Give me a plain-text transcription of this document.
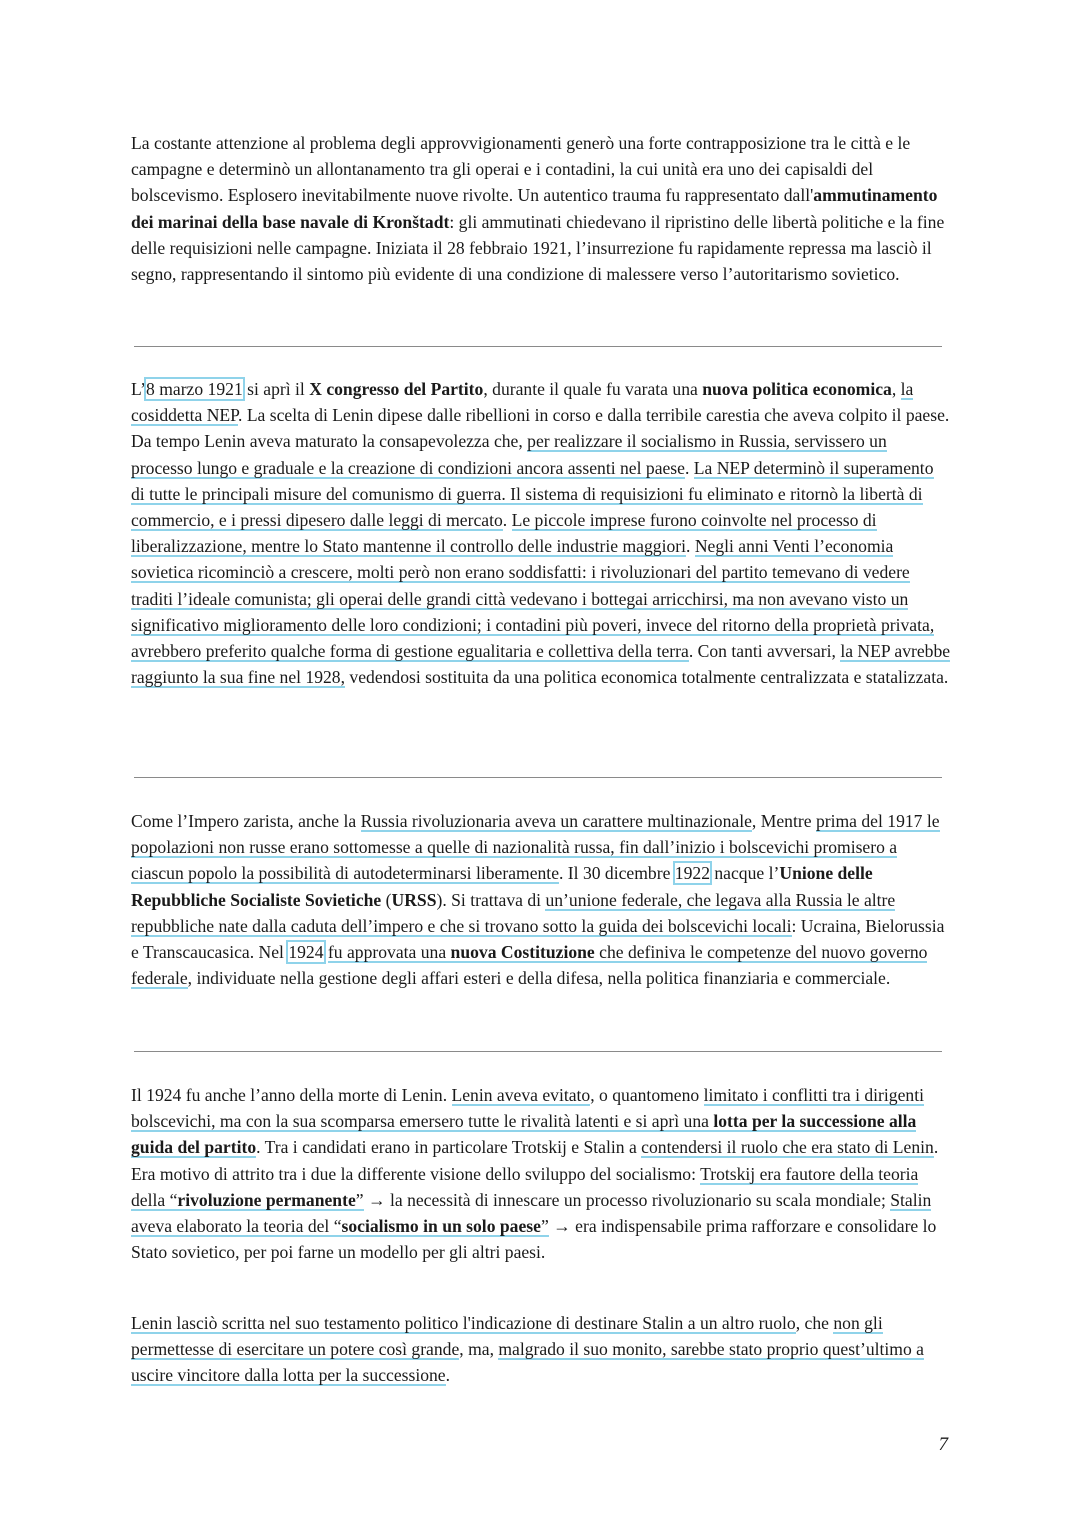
La costante attenzione al problema degli approvvigionamenti generò una forte contrapposizione tra le città e le campagne e determinò un allontanamento tra gli operai e i contadini, la cui unità era uno dei capisaldi del bolscevismo. Esplosero inevitabilmente nuove rivolte. Un autentico trauma fu rappresentato dall'ammutinamento dei marinai della base navale di Kronštadt: gli ammutinati chiedevano il ripristino delle libertà politiche e la fine delle requisizioni nelle campagne. Iniziata il 28 febbraio 1921, l’insurrezione fu rapidamente repressa ma lasciò il segno, rappresentando il sintomo più evidente di una condizione di malessere verso l’autoritarismo sovietico.

L’8 marzo 1921 si aprì il X congresso del Partito, durante il quale fu varata una nuova politica economica, la cosiddetta NEP. La scelta di Lenin dipese dalle ribellioni in corso e dalla terribile carestia che aveva colpito il paese. Da tempo Lenin aveva maturato la consapevolezza che, per realizzare il socialismo in Russia, servissero un processo lungo e graduale e la creazione di condizioni ancora assenti nel paese. La NEP determinò il superamento di tutte le principali misure del comunismo di guerra. Il sistema di requisizioni fu eliminato e ritornò la libertà di commercio, e i pressi dipesero dalle leggi di mercato. Le piccole imprese furono coinvolte nel processo di liberalizzazione, mentre lo Stato mantenne il controllo delle industrie maggiori. Negli anni Venti l’economia sovietica ricominciò a crescere, molti però non erano soddisfatti: i rivoluzionari del partito temevano di vedere traditi l’ideale comunista; gli operai delle grandi città vedevano i bottegai arricchirsi, ma non avevano visto un significativo miglioramento delle loro condizioni; i contadini più poveri, invece del ritorno della proprietà privata, avrebbero preferito qualche forma di gestione egualitaria e collettiva della terra. Con tanti avversari, la NEP avrebbe raggiunto la sua fine nel 1928, vedendosi sostituita da una politica economica totalmente centralizzata e statalizzata.

Come l’Impero zarista, anche la Russia rivoluzionaria aveva un carattere multinazionale, Mentre prima del 1917 le popolazioni non russe erano sottomesse a quelle di nazionalità russa, fin dall’inizio i bolscevichi promisero a ciascun popolo la possibilità di autodeterminarsi liberamente. Il 30 dicembre 1922 nacque l’Unione delle Repubbliche Socialiste Sovietiche (URSS). Si trattava di un’unione federale, che legava alla Russia le altre repubbliche nate dalla caduta dell’impero e che si trovano sotto la guida dei bolscevichi locali: Ucraina, Bielorussia e Transcaucasica. Nel 1924 fu approvata una nuova Costituzione che definiva le competenze del nuovo governo federale, individuate nella gestione degli affari esteri e della difesa, nella politica finanziaria e commerciale.

Il 1924 fu anche l’anno della morte di Lenin. Lenin aveva evitato, o quantomeno limitato i conflitti tra i dirigenti bolscevichi, ma con la sua scomparsa emersero tutte le rivalità latenti e si aprì una lotta per la successione alla guida del partito. Tra i candidati erano in particolare Trotskij e Stalin a contendersi il ruolo che era stato di Lenin. Era motivo di attrito tra i due la differente visione dello sviluppo del socialismo: Trotskij era fautore della teoria della “rivoluzione permanente” → la necessità di innescare un processo rivoluzionario su scala mondiale; Stalin aveva elaborato la teoria del “socialismo in un solo paese” → era indispensabile prima rafforzare e consolidare lo Stato sovietico, per poi farne un modello per gli altri paesi.

Lenin lasciò scritta nel suo testamento politico l'indicazione di destinare Stalin a un altro ruolo, che non gli permettesse di esercitare un potere così grande, ma, malgrado il suo monito, sarebbe stato proprio quest’ultimo a uscire vincitore dalla lotta per la successione.

7
